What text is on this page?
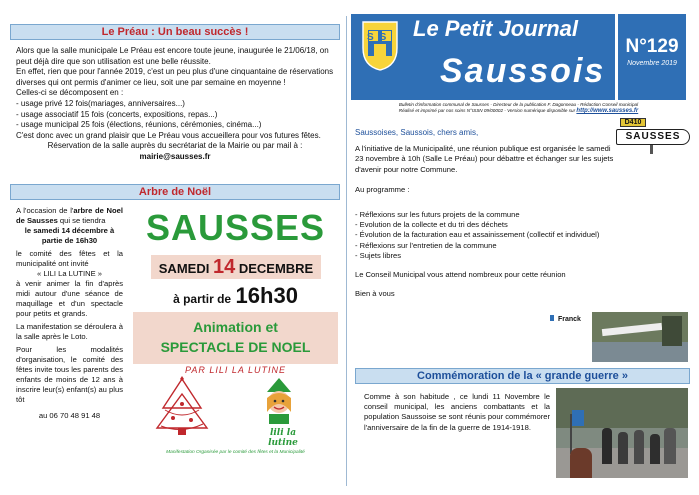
Le Préau : Un beau succès !

Alors que la salle municipale Le Préau est encore toute jeune, inaugurée le 21/06/18, on peut déjà dire que son utilisation est une belle réussite.

En effet, rien que pour l'année 2019, c'est un peu plus d'une cinquantaine de réservations diverses qui ont permis d'animer ce lieu, soit une par semaine en moyenne !

Celles-ci se décomposent en :

- usage privé 12 fois(mariages, anniversaires...)

- usage associatif 15 fois (concerts, expositions, repas...)

- usage municipal 25 fois (élections, réunions, cérémonies, cinéma...)

C'est donc avec un grand plaisir que Le Préau vous accueillera pour vos futures fêtes.

Réservation de la salle auprès du secrétariat de la Mairie ou par mail à :

mairie@sausses.fr

Arbre de Noël

A l'occasion de l'arbre de Noel de Sausses qui se tiendra

le samedi 14 décembre à partie de 16h30

le comité des fêtes et la municipalité ont invité

« LILI La LUTINE »

à venir animer la fin d'après midi autour d'une séance de maquillage et d'un spectacle pour petits et grands.

La manifestation se déroulera à la salle après le Loto.

Pour les modalités d'organisation, le comité des fêtes invite tous les parents des enfants de moins de 12 ans à inscrire leur(s) enfant(s) au plus tôt

au 06 70 48 91 48

SAUSSES
SAMEDI 14 DECEMBRE
à partir de 16h30
Animation et
SPECTACLE DE NOEL
PAR LILI LA LUTINE
lili la
lutine
Manifestation Organisée par le comité des fêtes et la Municipalité
S   S Le Petit Journal
Saussois
N°129
Novembre 2019
Bulletin d'information communal de Sausses - Directeur de la publication F. Dagonneau - Rédaction Conseil municipal
Réalisé et imprimé par nos soins N°ISSN 09/00002 - Version numérique disponible sur http://www.sausses.fr
D410
SAUSSES

Saussoises, Saussois, chers amis,

A l'initiative de la Municipalité, une réunion publique est organisée le samedi 23 novembre à 10h (Salle Le Préau) pour débattre et échanger sur les sujets d'avenir pour notre Commune.

Au programme :

- Réflexions sur les futurs projets de la commune

- Evolution de la collecte et du tri des déchets

- Évolution de la facturation eau et assainissement (collectif et individuel)

- Réflexions sur l'entretien de la commune

- Sujets libres

Le Conseil Municipal vous attend nombreux pour cette réunion

Bien à vous

Franck
Commémoration de la « grande guerre »
Comme à son habitude , ce lundi 11 Novembre le conseil municipal, les anciens combattants et la population Saussoise se sont réunis pour commémorer l'anniversaire de la fin de la guerre de 1914-1918.
